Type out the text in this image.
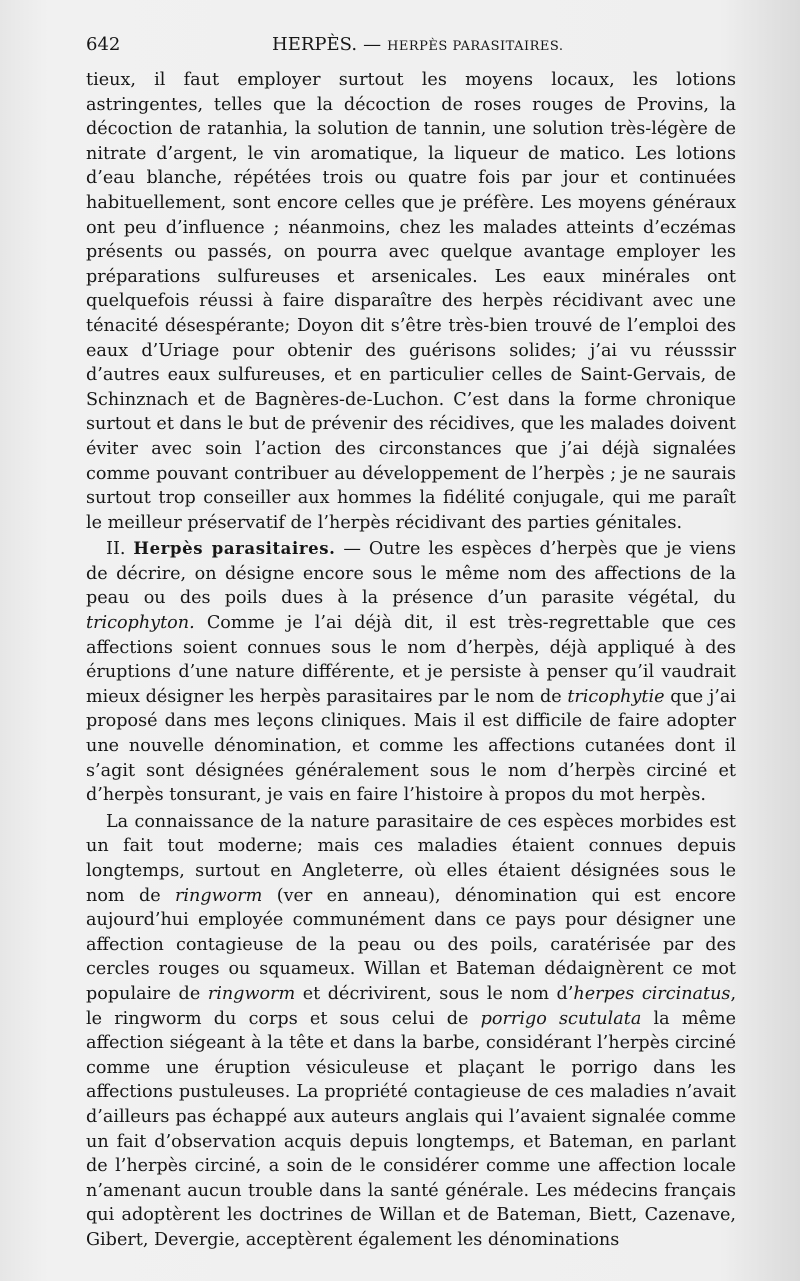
642	HERPÈS. — HERPÈS PARASITAIRES.

tieux, il faut employer surtout les moyens locaux, les lotions astringentes, telles que la décoction de roses rouges de Provins, la décoction de ratanhia, la solution de tannin, une solution très-légère de nitrate d’argent, le vin aromatique, la liqueur de matico. Les lotions d’eau blanche, répétées trois ou quatre fois par jour et continuées habituellement, sont encore celles que je préfère. Les moyens généraux ont peu d’influence ; néanmoins, chez les malades atteints d’eczémas présents ou passés, on pourra avec quelque avantage employer les préparations sulfureuses et arsenicales. Les eaux minérales ont quelquefois réussi à faire disparaître des herpès récidivant avec une ténacité désespérante; Doyon dit s’être très-bien trouvé de l’emploi des eaux d’Uriage pour obtenir des guérisons solides; j’ai vu réusssir d’autres eaux sulfureuses, et en particulier celles de Saint-Gervais, de Schinznach et de Bagnères-de-Luchon. C’est dans la forme chronique surtout et dans le but de prévenir des récidives, que les malades doivent éviter avec soin l’action des circonstances que j’ai déjà signalées comme pouvant contribuer au développement de l’herpès ; je ne saurais surtout trop conseiller aux hommes la fidélité conjugale, qui me paraît le meilleur préservatif de l’herpès récidivant des parties génitales.

II. Herpès parasitaires. — Outre les espèces d’herpès que je viens de décrire, on désigne encore sous le même nom des affections de la peau ou des poils dues à la présence d’un parasite végétal, du tricophyton. Comme je l’ai déjà dit, il est très-regrettable que ces affections soient connues sous le nom d’herpès, déjà appliqué à des éruptions d’une nature différente, et je persiste à penser qu’il vaudrait mieux désigner les herpès parasitaires par le nom de tricophytie que j’ai proposé dans mes leçons cliniques. Mais il est difficile de faire adopter une nouvelle dénomination, et comme les affections cutanées dont il s’agit sont désignées généralement sous le nom d’herpès circiné et d’herpès tonsurant, je vais en faire l’histoire à propos du mot herpès.

La connaissance de la nature parasitaire de ces espèces morbides est un fait tout moderne; mais ces maladies étaient connues depuis longtemps, surtout en Angleterre, où elles étaient désignées sous le nom de ringworm (ver en anneau), dénomination qui est encore aujourd’hui employée communément dans ce pays pour désigner une affection contagieuse de la peau ou des poils, caratérisée par des cercles rouges ou squameux. Willan et Bateman dédaignèrent ce mot populaire de ringworm et décrivirent, sous le nom d’herpes circinatus, le ringworm du corps et sous celui de porrigo scutulata la même affection siégeant à la tête et dans la barbe, considérant l’herpès circiné comme une éruption vésiculeuse et plaçant le porrigo dans les affections pustuleuses. La propriété contagieuse de ces maladies n’avait d’ailleurs pas échappé aux auteurs anglais qui l’avaient signalée comme un fait d’observation acquis depuis longtemps, et Bateman, en parlant de l’herpès circiné, a soin de le considérer comme une affection locale n’amenant aucun trouble dans la santé générale. Les médecins français qui adoptèrent les doctrines de Willan et de Bateman, Biett, Cazenave, Gibert, Devergie, acceptèrent également les dénominations
